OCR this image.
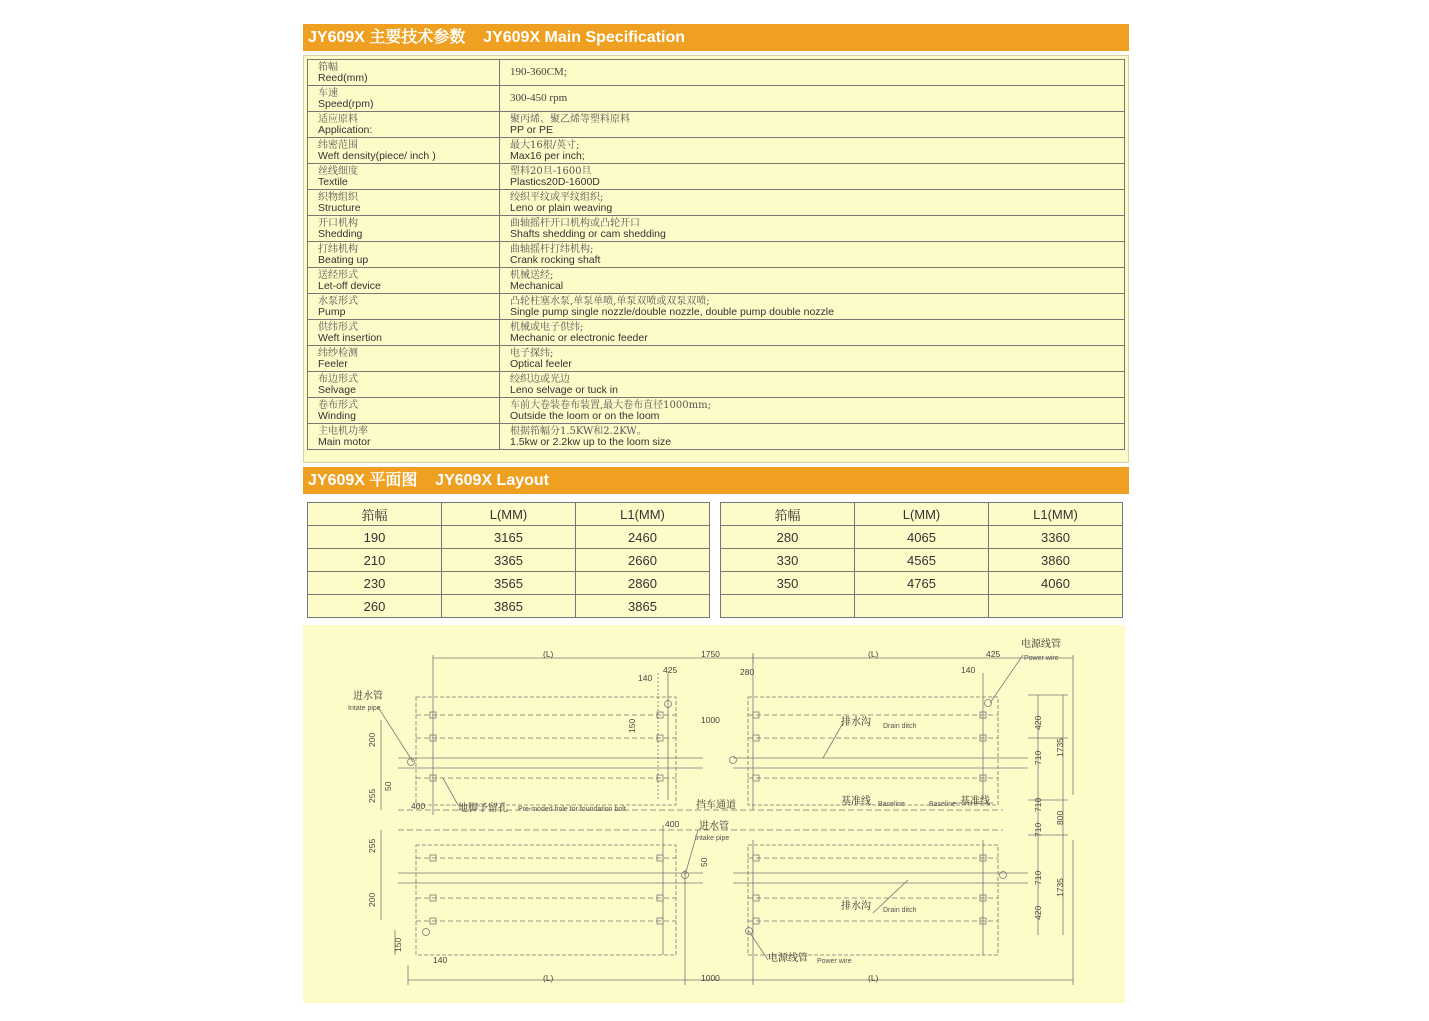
JY609X 主要技术参数 JY609X Main Specification
筘幅
Reed(mm)	190-360CM;

车速
Speed(rpm)	300-450 rpm

适应原料
Application:	聚丙烯、聚乙烯等塑料原料
PP or PE

纬密范围
Weft density(piece/ inch )	最大16根/英寸;
Max16 per inch;

丝线细度
Textile	塑料20旦-1600旦
Plastics20D-1600D

织物组织
Structure	绞织平纹或平纹组织;
Leno or plain weaving

开口机构
Shedding	曲轴摇杆开口机构或凸轮开口
Shafts shedding or cam shedding

打纬机构
Beating up	曲轴摇杆打纬机构;
Crank rocking shaft

送经形式
Let-off device	机械送经;
Mechanical

水泵形式
Pump	凸轮柱塞水泵,单泵单喷,单泵双喷或双泵双喷;
Single pump single nozzle/double nozzle, double pump double nozzle

供纬形式
Weft insertion	机械或电子供纬;
Mechanic or electronic feeder

纬纱检测
Feeler	电子探纬;
Optical feeler

布边形式
Selvage	绞织边或光边
Leno selvage or tuck in

卷布形式
Winding	车前大卷装卷布装置,最大卷布直径1000mm;
Outside the loom or on the loom

主电机功率
Main motor	根据筘幅分1.5KW和2.2KW。
1.5kw or 2.2kw up to the loom size
JY609X 平面图 JY609X Layout
筘幅	L(MM)	L1(MM)
190	3165	2460
210	3365	2660
230	3565	2860
260	3865	3865
筘幅	L(MM)	L1(MM)
280	4065	3360
330	4565	3860
350	4765	4060

(L)	1750	(L)
425
140
280
425
140
电源线管
Power wire
进水管
Intate pipe
150	1000	排水沟 Drain ditch	420
710
1735
200
255
50
400	地脚予留孔 Pre-moded hole for foundation bolt	挡车通道	基准线 Baseline	Baseline 基准线	710
800
710
400 进水管
Intake pipe
255
50
710
1735
200	排水沟 Drain ditch	420
150
140	电源线管 Power wire
(L)	1000	(L)
